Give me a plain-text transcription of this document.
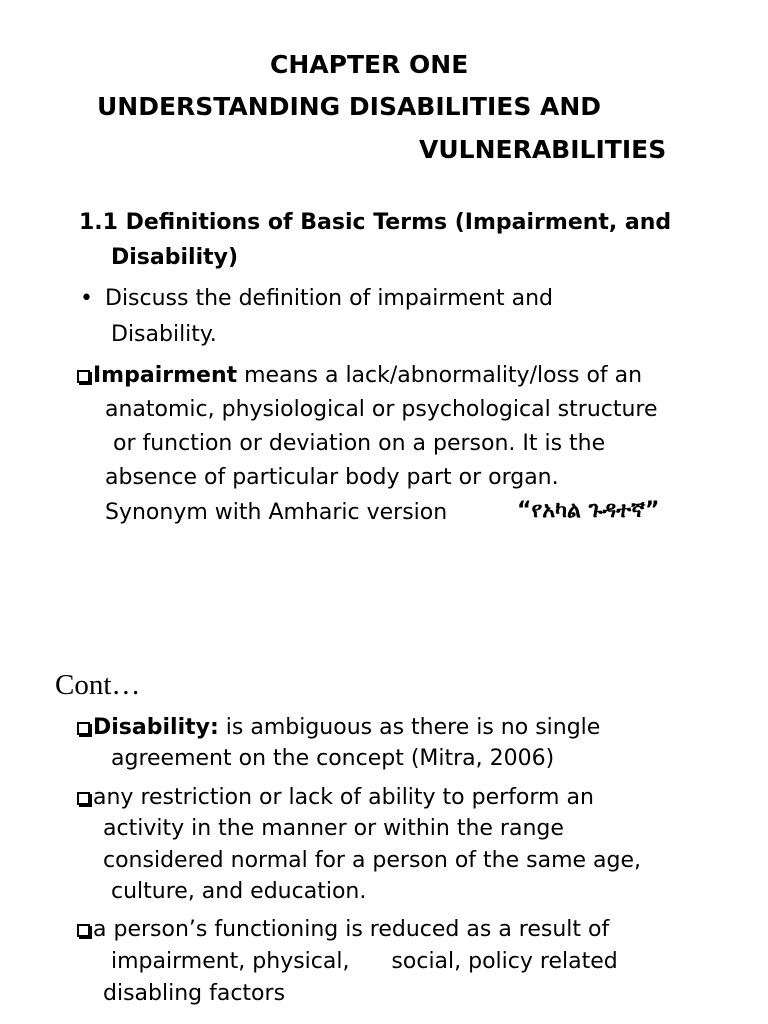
CHAPTER ONE
UNDERSTANDING DISABILITIES AND
VULNERABILITIES
1.1 Definitions of Basic Terms (Impairment, and
Disability)
• Discuss the definition of impairment and
Disability.
Impairment means a lack/abnormality/loss of an
anatomic, physiological or psychological structure
or function or deviation on a person. It is the
absence of particular body part or organ.
Synonym with Amharic version	“የአካል ጉዳተኛ”
Cont…
Disability: is ambiguous as there is no single
agreement on the concept (Mitra, 2006)
any restriction or lack of ability to perform an
activity in the manner or within the range
considered normal for a person of the same age,
culture, and education.
a person’s functioning is reduced as a result of
impairment, physical,      social, policy related
disabling factors
